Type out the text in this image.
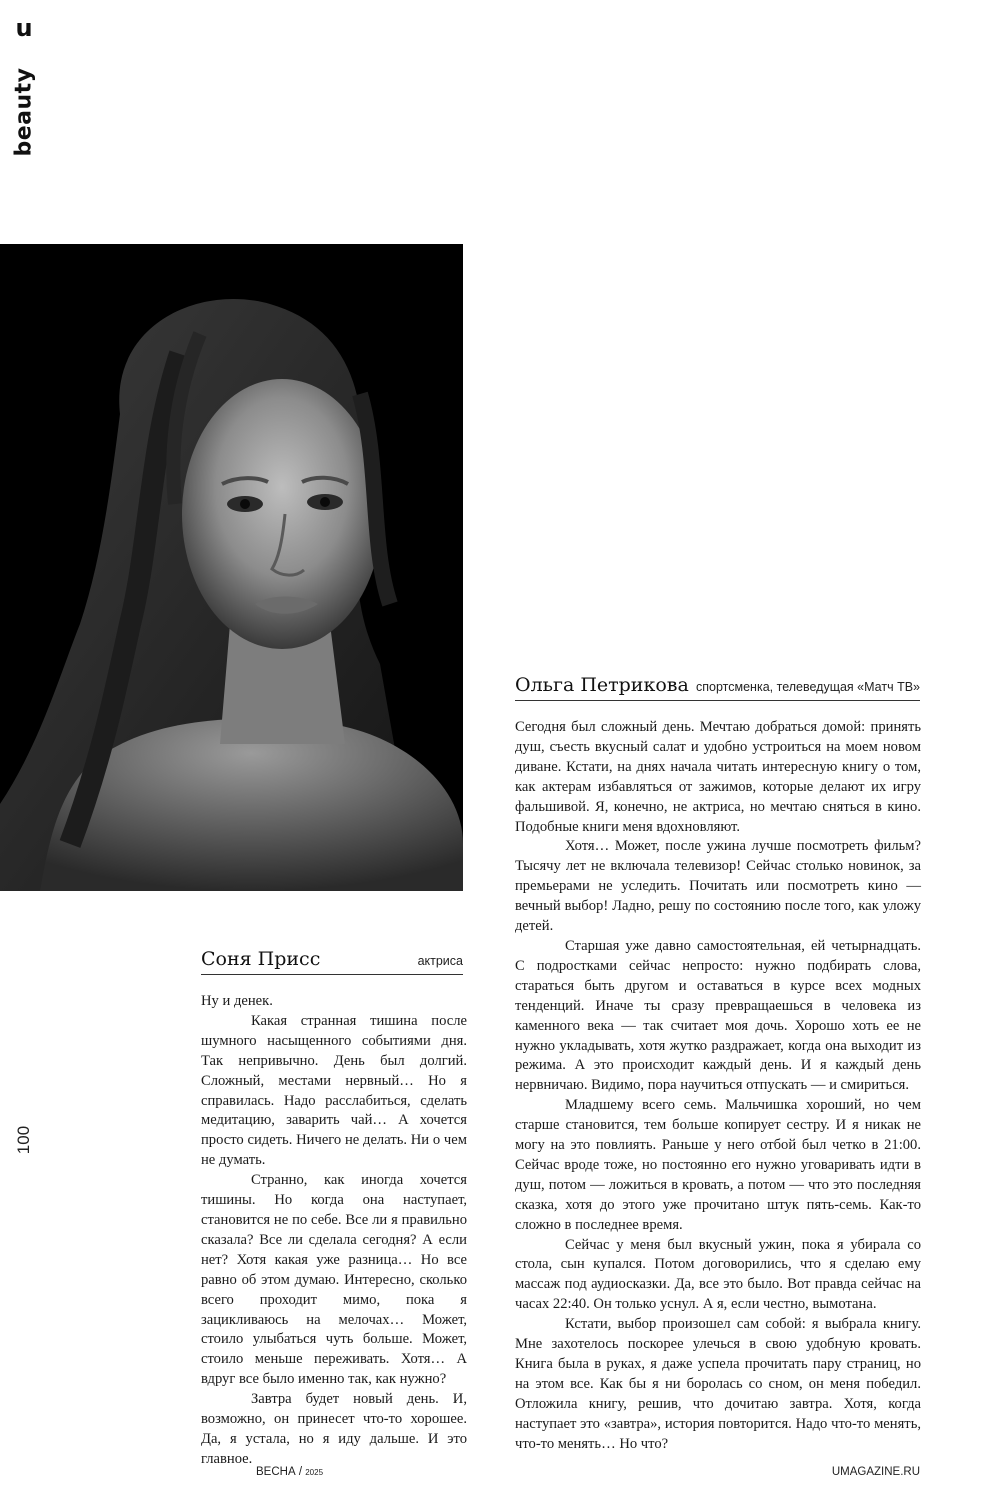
u
beauty
100
Соня Присс	актриса

Ну и денек.

Какая странная тишина после шумного насыщенного событиями дня. Так непривычно. День был долгий. Сложный, местами нервный… Но я справилась. Надо расслабиться, сделать медитацию, заварить чай… А хочется просто сидеть. Ничего не делать. Ни о чем не думать.

Странно, как иногда хочется тишины. Но когда она наступает, становится не по себе. Все ли я правильно сказала? Все ли сделала сегодня? А если нет? Хотя какая уже разница… Но все равно об этом думаю. Интересно, сколько всего проходит мимо, пока я зацикливаюсь на мелочах… Может, стоило улыбаться чуть больше. Может, стоило меньше переживать. Хотя… А вдруг все было именно так, как нужно?

Завтра будет новый день. И, возможно, он принесет что-то хорошее. Да, я устала, но я иду дальше. И это главное.

Ольга Петрикова спортсменка, телеведущая «Матч ТВ»

Сегодня был сложный день. Мечтаю добраться домой: принять душ, съесть вкусный салат и удобно устроиться на моем новом диване. Кстати, на днях начала читать интересную книгу о том, как актерам избавляться от зажимов, которые делают их игру фальшивой. Я, конечно, не актриса, но мечтаю сняться в кино. Подобные книги меня вдохновляют.

Хотя… Может, после ужина лучше посмотреть фильм? Тысячу лет не включала телевизор! Сейчас столько новинок, за премьерами не уследить. Почитать или посмотреть кино — вечный выбор! Ладно, решу по состоянию после того, как уложу детей.

Старшая уже давно самостоятельная, ей четырнадцать. С подростками сейчас непросто: нужно подбирать слова, стараться быть другом и оставаться в курсе всех модных тенденций. Иначе ты сразу превращаешься в человека из каменного века — так считает моя дочь. Хорошо хоть ее не нужно укладывать, хотя жутко раздражает, когда она выходит из режима. А это происходит каждый день. И я каждый день нервничаю. Видимо, пора научиться отпускать — и смириться.

Младшему всего семь. Мальчишка хороший, но чем старше становится, тем больше копирует сестру. И я никак не могу на это повлиять. Раньше у него отбой был четко в 21:00. Сейчас вроде тоже, но постоянно его нужно уговаривать идти в душ, потом — ложиться в кровать, а потом — что это последняя сказка, хотя до этого уже прочитано штук пять-семь. Как-то сложно в последнее время.

Сейчас у меня был вкусный ужин, пока я убирала со стола, сын купался. Потом договорились, что я сделаю ему массаж под аудиосказки. Да, все это было. Вот правда сейчас на часах 22:40. Он только уснул. А я, если честно, вымотана.

Кстати, выбор произошел сам собой: я выбрала книгу. Мне захотелось поскорее улечься в свою удобную кровать. Книга была в руках, я даже успела прочитать пару страниц, но на этом все. Как бы я ни боролась со сном, он меня победил. Отложила книгу, решив, что дочитаю завтра. Хотя, когда наступает это «завтра», история повторится. Надо что-то менять, что-то менять… Но что?

ВЕСНА / 2025	UMAGAZINE.RU
